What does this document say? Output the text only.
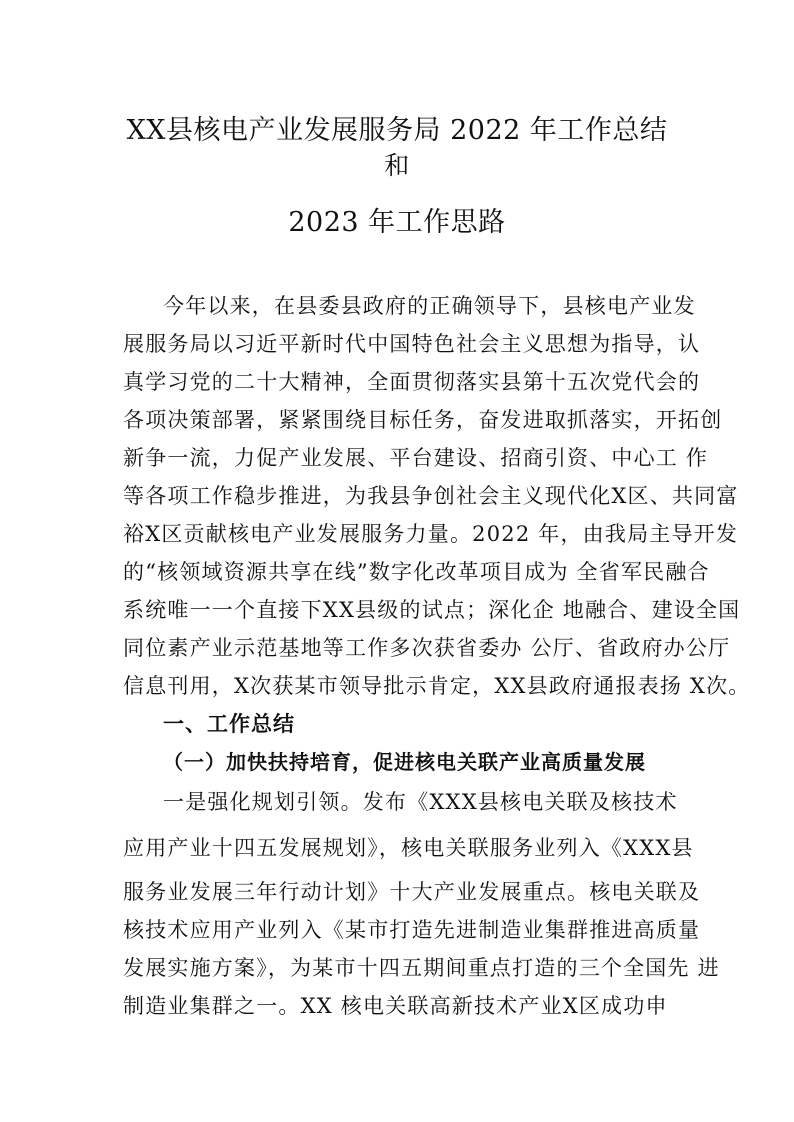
XX县核电产业发展服务局 2022 年工作总结
和
2023 年工作思路
今年以来，在县委县政府的正确领导下，县核电产业发
展服务局以习近平新时代中国特色社会主义思想为指导，认
真学习党的二十大精神，全面贯彻落实县第十五次党代会的
各项决策部署，紧紧围绕目标任务，奋发进取抓落实，开拓创
新争一流，力促产业发展、平台建设、招商引资、中心工 作
等各项工作稳步推进，为我县争创社会主义现代化X区、共同富
裕X区贡献核电产业发展服务力量。2022 年，由我局主导开发
的“核领域资源共享在线”数字化改革项目成为 全省军民融合
系统唯一一个直接下XX县级的试点；深化企 地融合、建设全国
同位素产业示范基地等工作多次获省委办 公厅、省政府办公厅
信息刊用，X次获某市领导批示肯定，XX县政府通报表扬 X次。
一、工作总结
（一）加快扶持培育，促进核电关联产业高质量发展
一是强化规划引领。发布《XXX县核电关联及核技术
应用产业十四五发展规划》，核电关联服务业列入《XXX县
服务业发展三年行动计划》十大产业发展重点。核电关联及
核技术应用产业列入《某市打造先进制造业集群推进高质量
发展实施方案》，为某市十四五期间重点打造的三个全国先 进
制造业集群之一。XX 核电关联高新技术产业X区成功申
